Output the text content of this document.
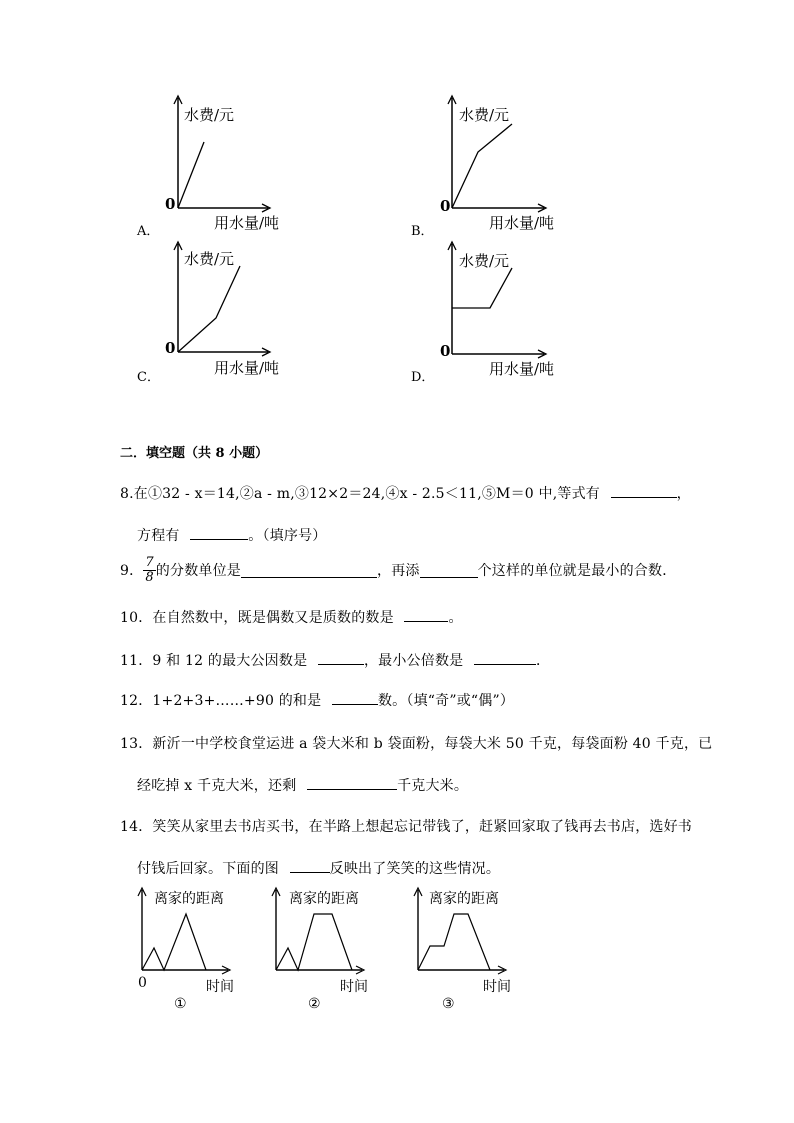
水费/元
0
用水量/吨
A．
水费/元
0
用水量/吨
B．
水费/元
0
用水量/吨
C．
水费/元
0
用水量/吨
D．
二．填空题（共 8 小题）
8.在①32 - x＝14,②a - m,③12×2＝24,④x - 2.5＜11,⑤M＝0 中,等式有	，
方程有	。（填序号）
9． $\frac{7}{8}$ 的分数单位是	，再添	个这样的单位就是最小的合数．
10．在自然数中，既是偶数又是质数的数是	。
11．9 和 12 的最大公因数是	，最小公倍数是	．
12．1+2+3+……+90 的和是	数。（填“奇”或“偶”）
13．新沂一中学校食堂运进 a 袋大米和 b 袋面粉，每袋大米 50 千克，每袋面粉 40 千克，已
经吃掉 x 千克大米，还剩	千克大米。
14．笑笑从家里去书店买书，在半路上想起忘记带钱了，赶紧回家取了钱再去书店，选好书
付钱后回家。下面的图	反映出了笑笑的这些情况。
离家的距离
0	时间
①
离家的距离
时间
②
离家的距离
时间
③
